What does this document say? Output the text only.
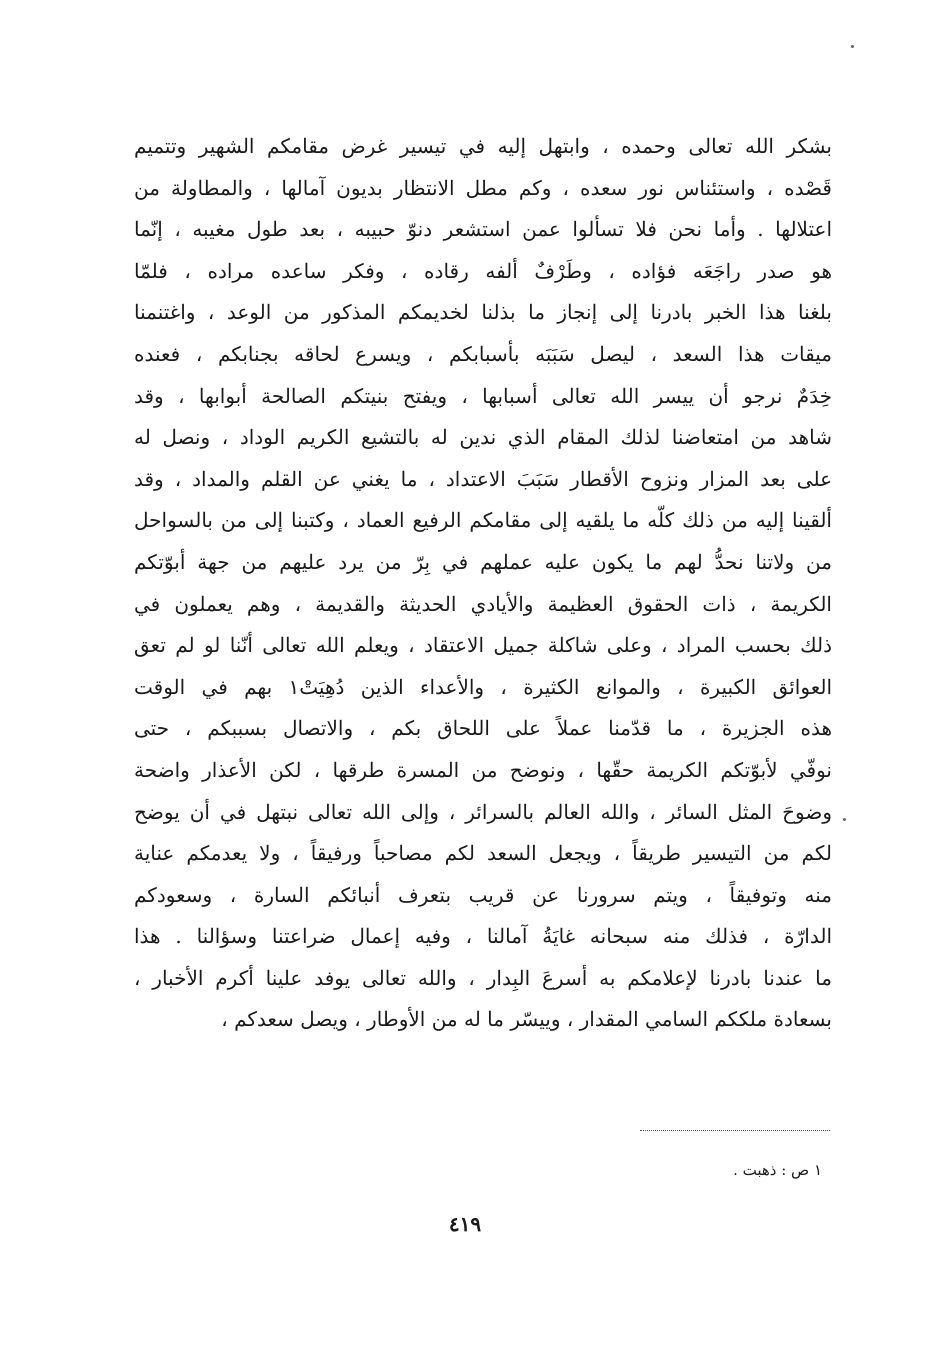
بشكر الله تعالى وحمده ، وابتهل إليه في تيسير غرض مقامكم الشهير وتتميم
قَصْده ، واستئناس نور سعده ، وكم مطل الانتظار بديون آمالها ، والمطاولة من
اعتلالها . وأما نحن فلا تسألوا عمن استشعر دنوّ حبيبه ، بعد طول مغيبه ، إنّما
هو صدر راجَعَه فؤاده ، وطَرْفٌ ألفه رقاده ، وفكر ساعده مراده ، فلمّا
بلغنا هذا الخبر بادرنا إلى إنجاز ما بذلنا لخديمكم المذكور من الوعد ، واغتنمنا
ميقات هذا السعد ، ليصل سَبَبَه بأسبابكم ، ويسرع لحاقه بجنابكم ، فعنده
خِدَمٌ نرجو أن ييسر الله تعالى أسبابها ، ويفتح بنيتكم الصالحة أبوابها ، وقد
شاهد من امتعاضنا لذلك المقام الذي ندين له بالتشيع الكريم الوداد ، ونصل له
على بعد المزار ونزوح الأقطار سَبَبَ الاعتداد ، ما يغني عن القلم والمداد ، وقد
ألقينا إليه من ذلك كلّه ما يلقيه إلى مقامكم الرفيع العماد ، وكتبنا إلى من بالسواحل
من ولاتنا نحدُّ لهم ما يكون عليه عملهم في بِرّ من يرد عليهم من جهة أبوّتكم
الكريمة ، ذات الحقوق العظيمة والأيادي الحديثة والقديمة ، وهم يعملون في
ذلك بحسب المراد ، وعلى شاكلة جميل الاعتقاد ، ويعلم الله تعالى أنّنا لو لم تعق
العوائق الكبيرة ، والموانع الكثيرة ، والأعداء الذين دُهِيَتْ١ بهم في الوقت
هذه الجزيرة ، ما قدّمنا عملاً على اللحاق بكم ، والاتصال بسببكم ، حتى
نوفّي لأبوّتكم الكريمة حقّها ، ونوضح من المسرة طرقها ، لكن الأعذار واضحة
وضوحَ المثل السائر ، والله العالم بالسرائر ، وإلى الله تعالى نبتهل في أن يوضح
لكم من التيسير طريقاً ، ويجعل السعد لكم مصاحباً ورفيقاً ، ولا يعدمكم عناية
منه وتوفيقاً ، ويتم سرورنا عن قريب بتعرف أنبائكم السارة ، وسعودكم
الدارّة ، فذلك منه سبحانه غايَةُ آمالنا ، وفيه إعمال ضراعتنا وسؤالنا . هذا
ما عندنا بادرنا لإعلامكم به أسرعَ البِدار ، والله تعالى يوفد علينا أكرم الأخبار ،
بسعادة ملككم السامي المقدار ، وييسّر ما له من الأوطار ، ويصل سعدكم ،
١ ص : ذهبت .
٤١٩
